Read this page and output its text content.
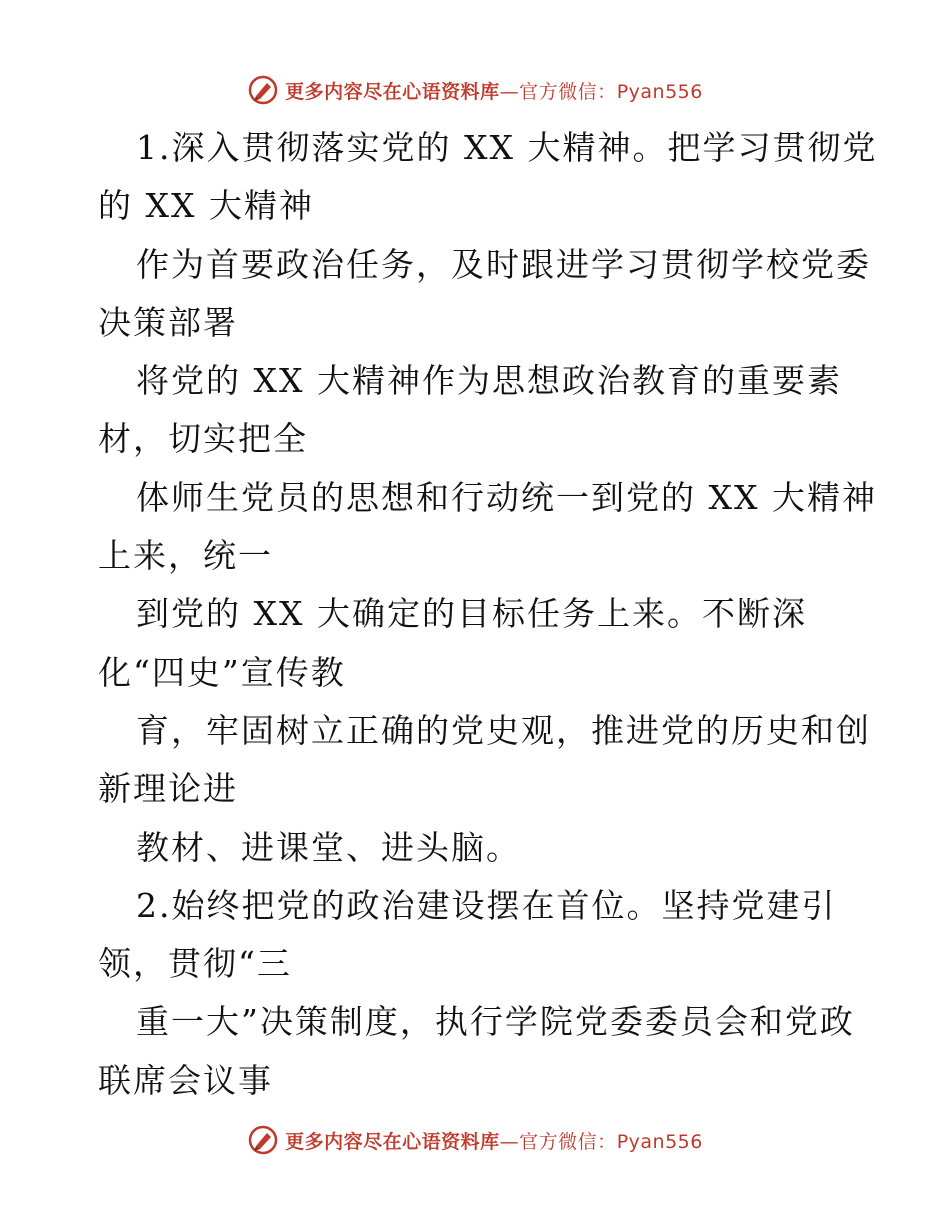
更多内容尽在心语资料库—官方微信：Pyan556
1.深入贯彻落实党的 XX 大精神。把学习贯彻党
的 XX 大精神
作为首要政治任务，及时跟进学习贯彻学校党委
决策部署
将党的 XX 大精神作为思想政治教育的重要素
材，切实把全
体师生党员的思想和行动统一到党的 XX 大精神
上来，统一
到党的 XX 大确定的目标任务上来。不断深
化“四史”宣传教
育，牢固树立正确的党史观，推进党的历史和创
新理论进
教材、进课堂、进头脑。
2.始终把党的政治建设摆在首位。坚持党建引
领，贯彻“三
重一大”决策制度，执行学院党委委员会和党政
联席会议事
更多内容尽在心语资料库—官方微信：Pyan556
